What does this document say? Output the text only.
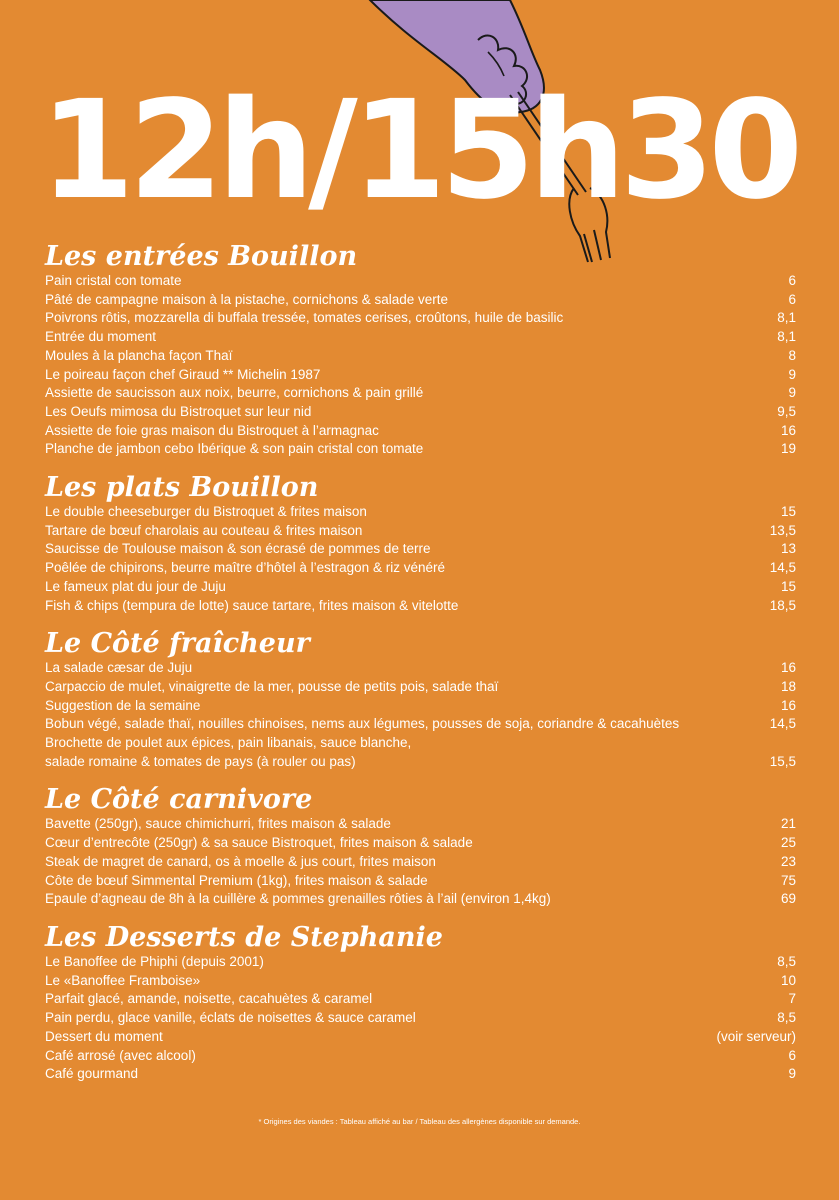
12h/15h30
Les entrées Bouillon
Pain cristal con tomate	6
Pâté de campagne maison à la pistache, cornichons & salade verte	6
Poivrons rôtis, mozzarella di buffala tressée, tomates cerises, croûtons, huile de basilic	8,1
Entrée du moment	8,1
Moules à la plancha façon Thaï	8
Le poireau façon chef Giraud ** Michelin 1987	9
Assiette de saucisson aux noix, beurre, cornichons & pain grillé	9
Les Oeufs mimosa du Bistroquet sur leur nid	9,5
Assiette de foie gras maison du Bistroquet à l’armagnac	16
Planche de jambon cebo Ibérique & son pain cristal con tomate	19
Les plats Bouillon
Le double cheeseburger du Bistroquet & frites maison	15
Tartare de bœuf charolais au couteau & frites maison	13,5
Saucisse de Toulouse maison & son écrasé de pommes de terre	13
Poêlée de chipirons, beurre maître d’hôtel à l’estragon & riz vénéré	14,5
Le fameux plat du jour de Juju	15
Fish & chips (tempura de lotte) sauce tartare, frites maison & vitelotte	18,5
Le Côté fraîcheur
La salade cæsar de Juju	16
Carpaccio de mulet, vinaigrette de la mer, pousse de petits pois, salade thaï	18
Suggestion de la semaine	16
Bobun végé, salade thaï, nouilles chinoises, nems aux légumes, pousses de soja, coriandre & cacahuètes	14,5
Brochette de poulet aux épices, pain libanais, sauce blanche,
salade romaine & tomates de pays (à rouler ou pas)	15,5
Le Côté carnivore
Bavette (250gr), sauce chimichurri, frites maison & salade	21
Cœur d’entrecôte (250gr) & sa sauce Bistroquet, frites maison & salade	25
Steak de magret de canard, os à moelle & jus court, frites maison	23
Côte de bœuf Simmental Premium (1kg), frites maison & salade	75
Epaule d’agneau de 8h à la cuillère & pommes grenailles rôties à l’ail (environ 1,4kg)	69
Les Desserts de Stephanie
Le Banoffee de Phiphi (depuis 2001)	8,5
Le «Banoffee Framboise»	10
Parfait glacé, amande, noisette, cacahuètes & caramel	7
Pain perdu, glace vanille, éclats de noisettes & sauce caramel	8,5
Dessert du moment	(voir serveur)
Café arrosé (avec alcool)	6
Café gourmand	9
* Origines des viandes : Tableau affiché au bar / Tableau des allergènes disponible sur demande.
